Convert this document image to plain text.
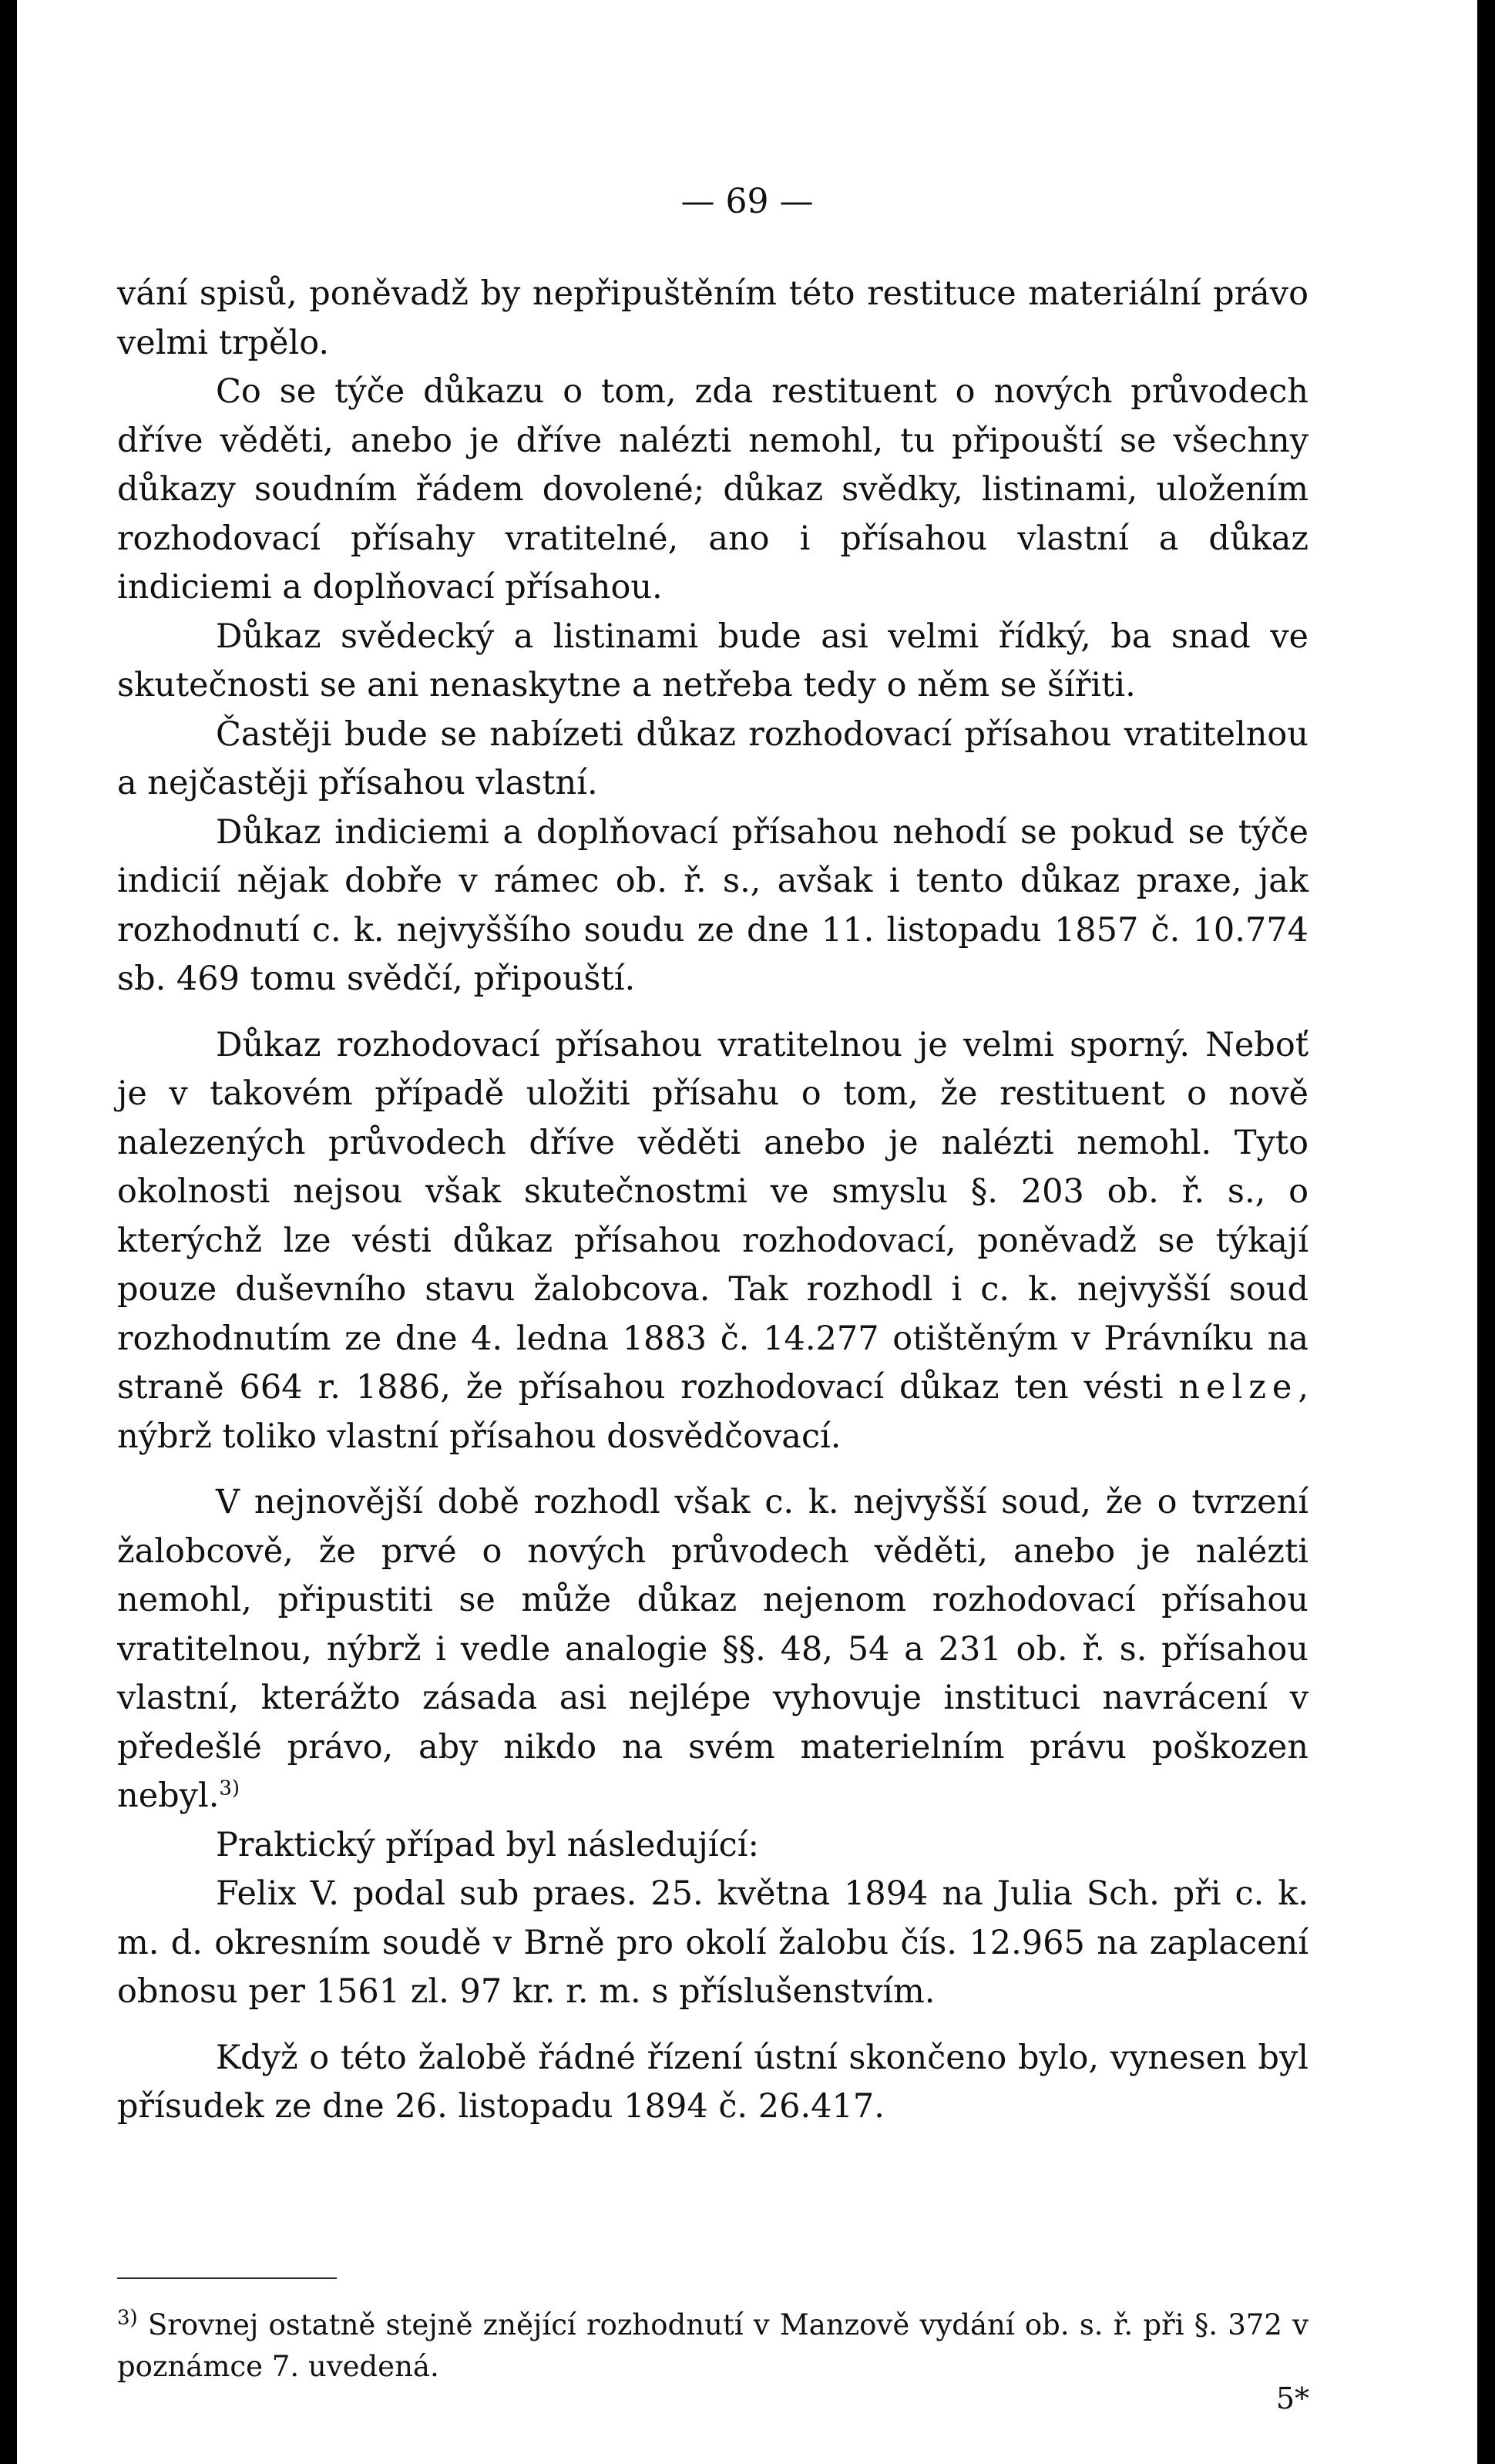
— 69 —

vání spisů, poněvadž by nepřipuštěním této restituce materiální právo velmi trpělo.

Co se týče důkazu o tom, zda restituent o nových průvodech dříve věděti, anebo je dříve nalézti nemohl, tu připouští se všechny důkazy soudním řádem dovolené; důkaz svědky, listinami, uložením rozhodovací přísahy vratitelné, ano i přísahou vlastní a důkaz indiciemi a doplňovací přísahou.

Důkaz svědecký a listinami bude asi velmi řídký, ba snad ve skutečnosti se ani nenaskytne a netřeba tedy o něm se šířiti.

Častěji bude se nabízeti důkaz rozhodovací přísahou vratitelnou a nejčastěji přísahou vlastní.

Důkaz indiciemi a doplňovací přísahou nehodí se pokud se týče indicií nějak dobře v rámec ob. ř. s., avšak i tento důkaz praxe, jak rozhodnutí c. k. nejvyššího soudu ze dne 11. listopadu 1857 č. 10.774 sb. 469 tomu svědčí, připouští.

Důkaz rozhodovací přísahou vratitelnou je velmi sporný. Neboť je v takovém případě uložiti přísahu o tom, že restituent o nově nalezených průvodech dříve věděti anebo je nalézti nemohl. Tyto okolnosti nejsou však skutečnostmi ve smyslu §. 203 ob. ř. s., o kterýchž lze vésti důkaz přísahou rozhodovací, poněvadž se týkají pouze duševního stavu žalobcova. Tak rozhodl i c. k. nejvyšší soud rozhodnutím ze dne 4. ledna 1883 č. 14.277 otištěným v Právníku na straně 664 r. 1886, že přísahou rozhodovací důkaz ten vésti nelze, nýbrž toliko vlastní přísahou dosvědčovací.

V nejnovější době rozhodl však c. k. nejvyšší soud, že o tvrzení žalobcově, že prvé o nových průvodech věděti, anebo je nalézti nemohl, připustiti se může důkaz nejenom rozhodovací přísahou vratitelnou, nýbrž i vedle analogie §§. 48, 54 a 231 ob. ř. s. přísahou vlastní, kterážto zásada asi nejlépe vyhovuje instituci navrácení v předešlé právo, aby nikdo na svém materielním právu poškozen nebyl.$^{3)}$

Praktický případ byl následující:

Felix V. podal sub praes. 25. května 1894 na Julia Sch. při c. k. m. d. okresním soudě v Brně pro okolí žalobu čís. 12.965 na zaplacení obnosu per 1561 zl. 97 kr. r. m. s příslušenstvím.

Když o této žalobě řádné řízení ústní skončeno bylo, vynesen byl přísudek ze dne 26. listopadu 1894 č. 26.417.

$^{3)}$ Srovnej ostatně stejně znějící rozhodnutí v Manzově vydání ob. s. ř. při §. 372 v poznámce 7. uvedená.
5*
